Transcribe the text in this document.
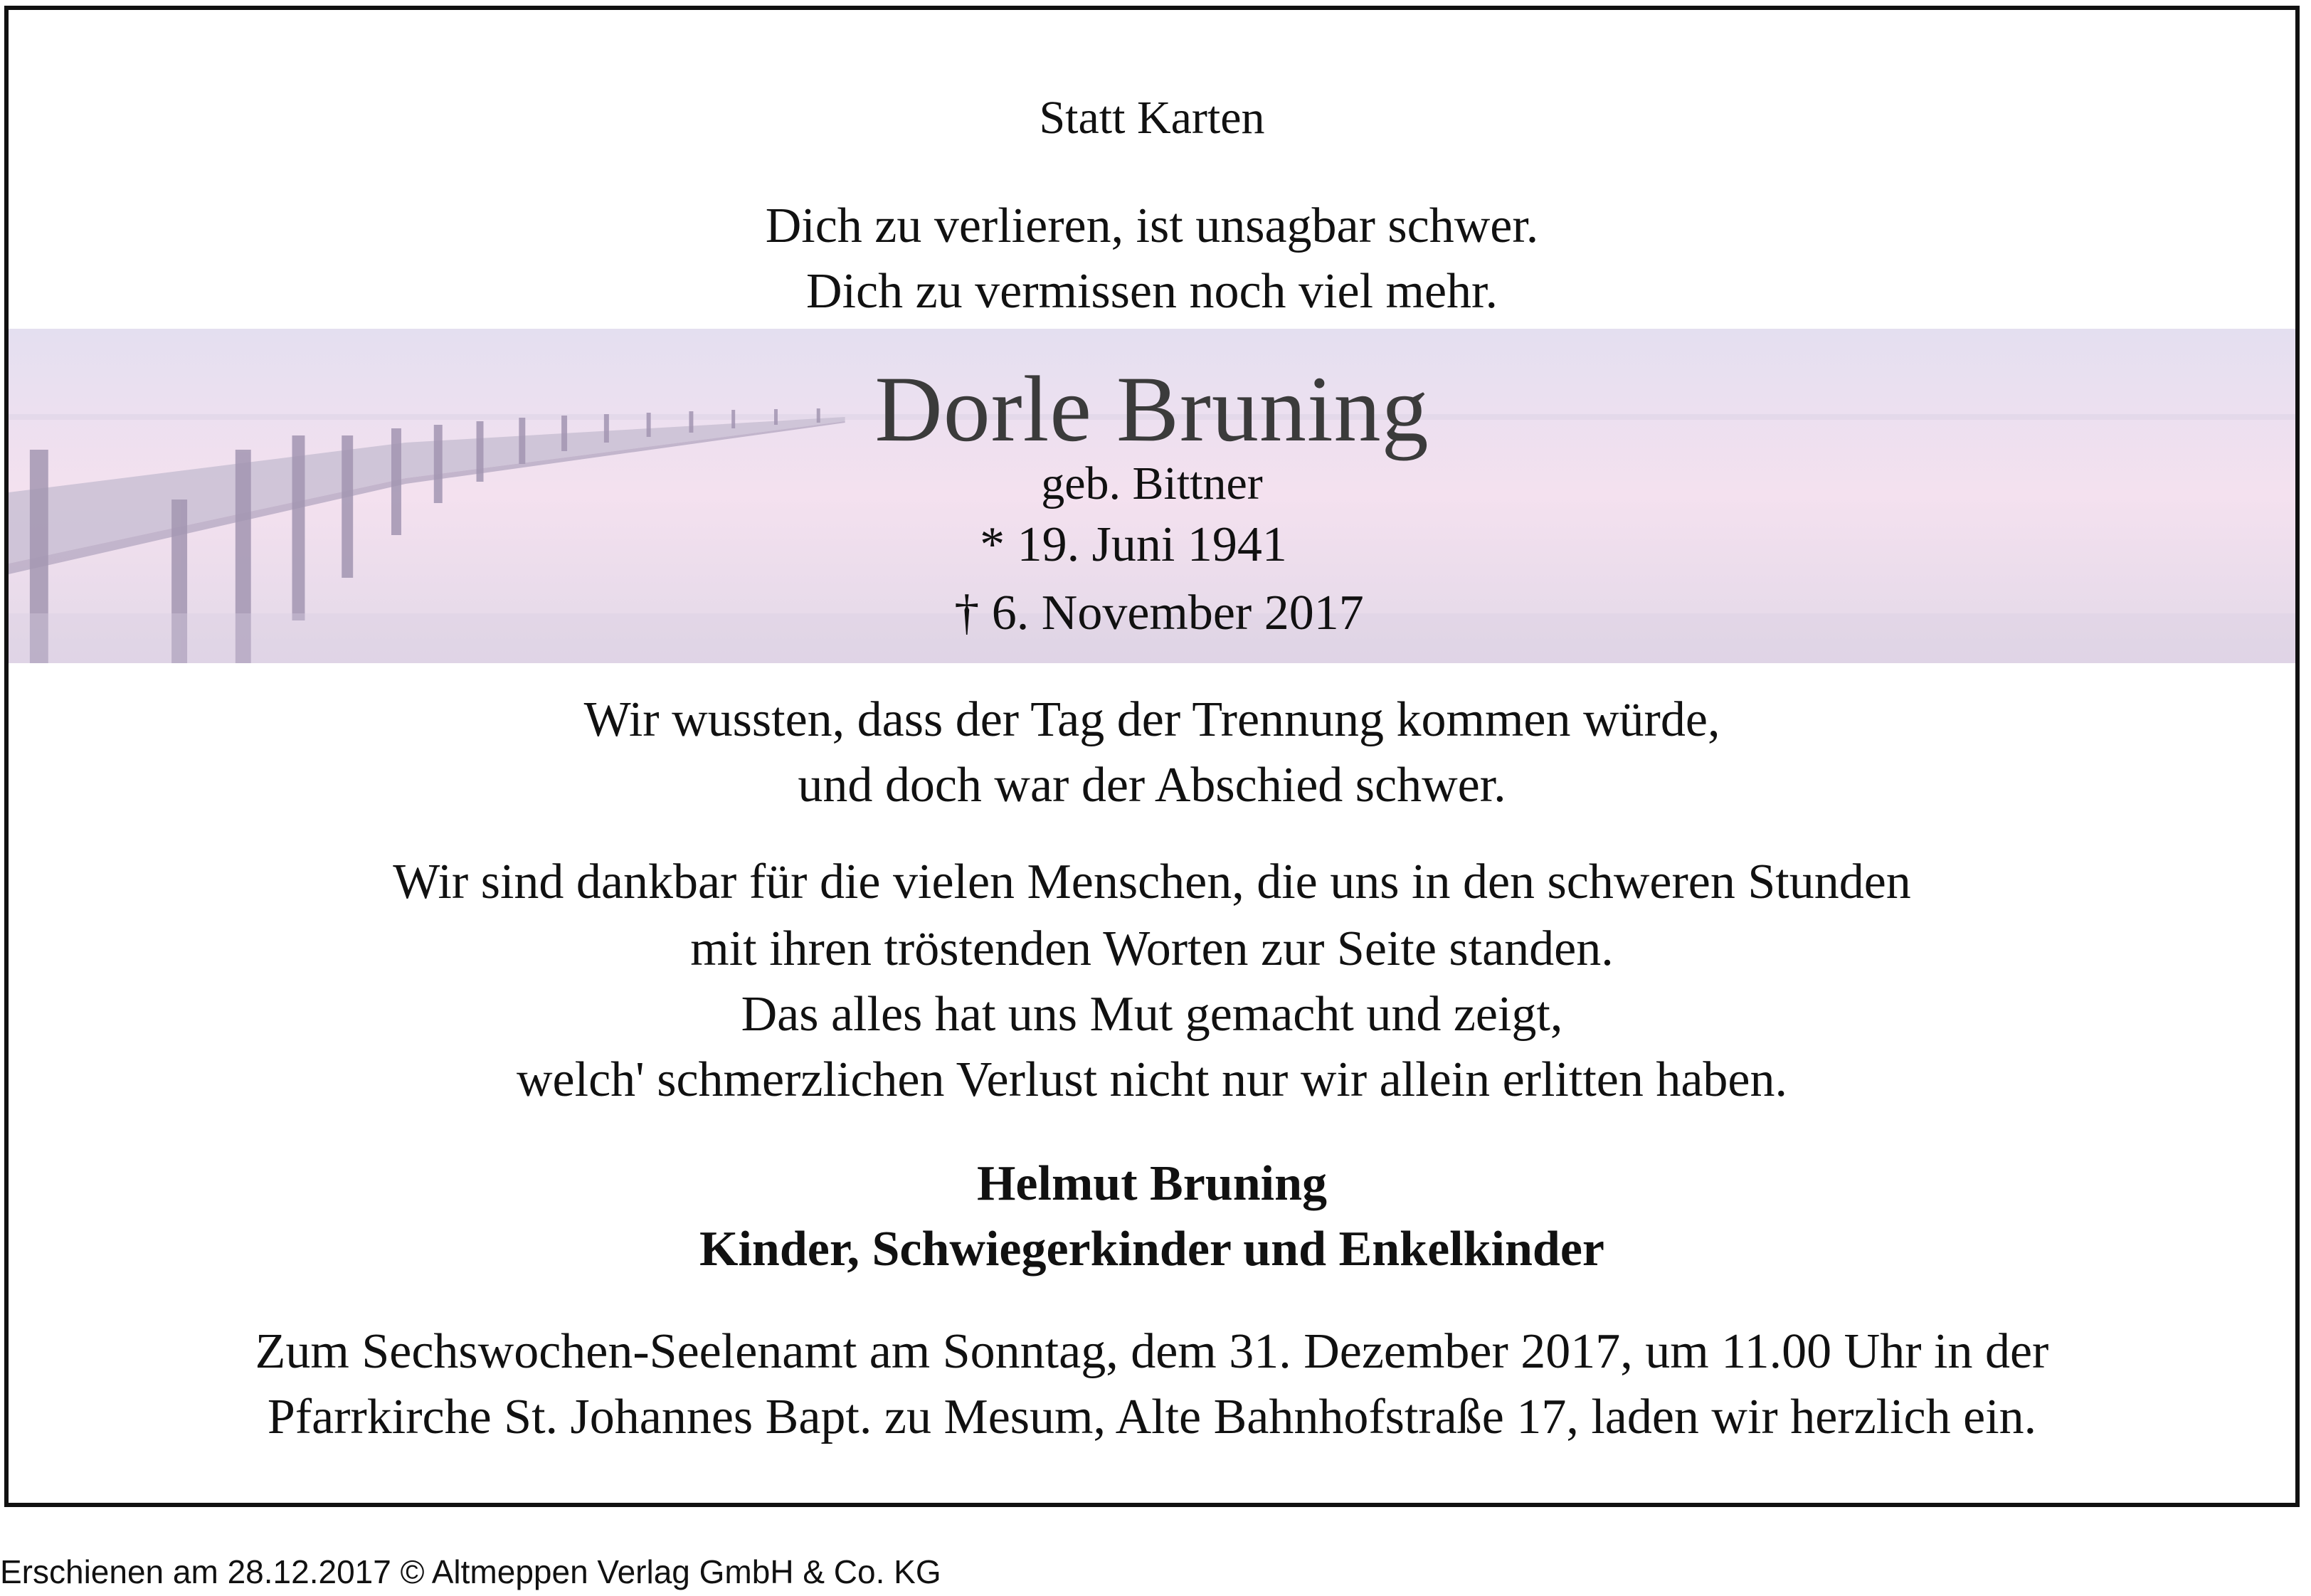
Statt Karten
Dich zu verlieren, ist unsagbar schwer.
Dich zu vermissen noch viel mehr.
Dorle Bruning
geb. Bittner
* 19. Juni 1941
† 6. November 2017
Wir wussten, dass der Tag der Trennung kommen würde,
und doch war der Abschied schwer.
Wir sind dankbar für die vielen Menschen, die uns in den schweren Stunden
mit ihren tröstenden Worten zur Seite standen.
Das alles hat uns Mut gemacht und zeigt,
welch' schmerzlichen Verlust nicht nur wir allein erlitten haben.
Helmut Bruning
Kinder, Schwiegerkinder und Enkelkinder
Zum Sechswochen-Seelenamt am Sonntag, dem 31. Dezember 2017, um 11.00 Uhr in der
Pfarrkirche St. Johannes Bapt. zu Mesum, Alte Bahnhofstraße 17, laden wir herzlich ein.
Erschienen am 28.12.2017 © Altmeppen Verlag GmbH & Co. KG
